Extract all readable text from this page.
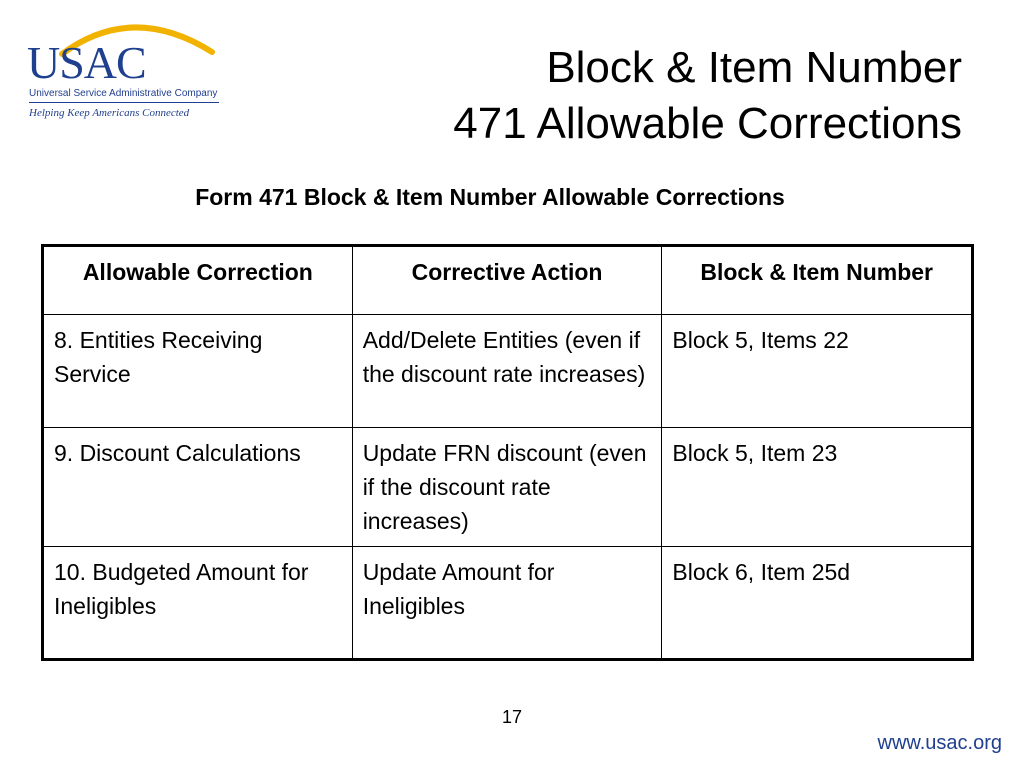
USAC
Universal Service Administrative Company
Helping Keep Americans Connected
Block & Item Number
471 Allowable Corrections
Form 471 Block & Item Number Allowable Corrections
Allowable Correction	Corrective Action	Block & Item Number
8. Entities Receiving Service	Add/Delete Entities (even if the discount rate increases)	Block 5, Items 22
9. Discount Calculations	Update FRN discount (even if the discount rate increases)	Block 5, Item 23
10. Budgeted Amount for Ineligibles	Update Amount for Ineligibles	Block 6, Item 25d
17
www.usac.org
